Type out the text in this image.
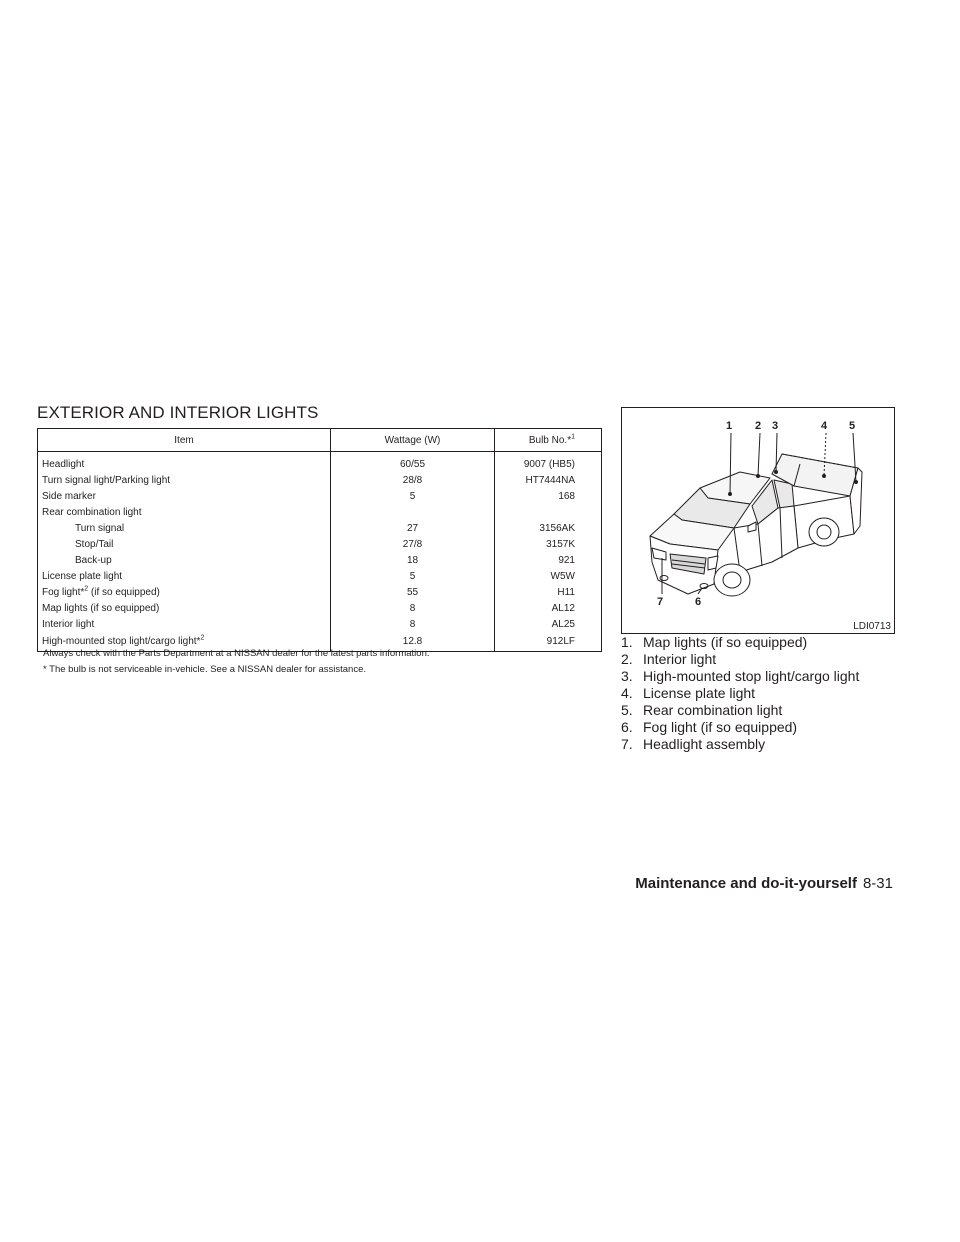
EXTERIOR AND INTERIOR LIGHTS
Item	Wattage (W)	Bulb No.*$^1$
Headlight	60/55	9007 (HB5)
Turn signal light/Parking light	28/8	HT7444NA
Side marker	5	168
Rear combination light		
Turn signal	27	3156AK
Stop/Tail	27/8	3157K
Back-up	18	921
License plate light	5	W5W
Fog light*$^2$ (if so equipped)	55	H11
Map lights (if so equipped)	8	AL12
Interior light	8	AL25
High-mounted stop light/cargo light*$^2$	12.8	912LF
Always check with the Parts Department at a NISSAN dealer for the latest parts information.
* The bulb is not serviceable in-vehicle. See a NISSAN dealer for assistance.
1 2 3	4 5
6
7
LDI0713
1. Map lights (if so equipped)
2. Interior light
3. High-mounted stop light/cargo light
4. License plate light
5. Rear combination light
6. Fog light (if so equipped)
7. Headlight assembly
Maintenance and do-it-yourself 8-31
